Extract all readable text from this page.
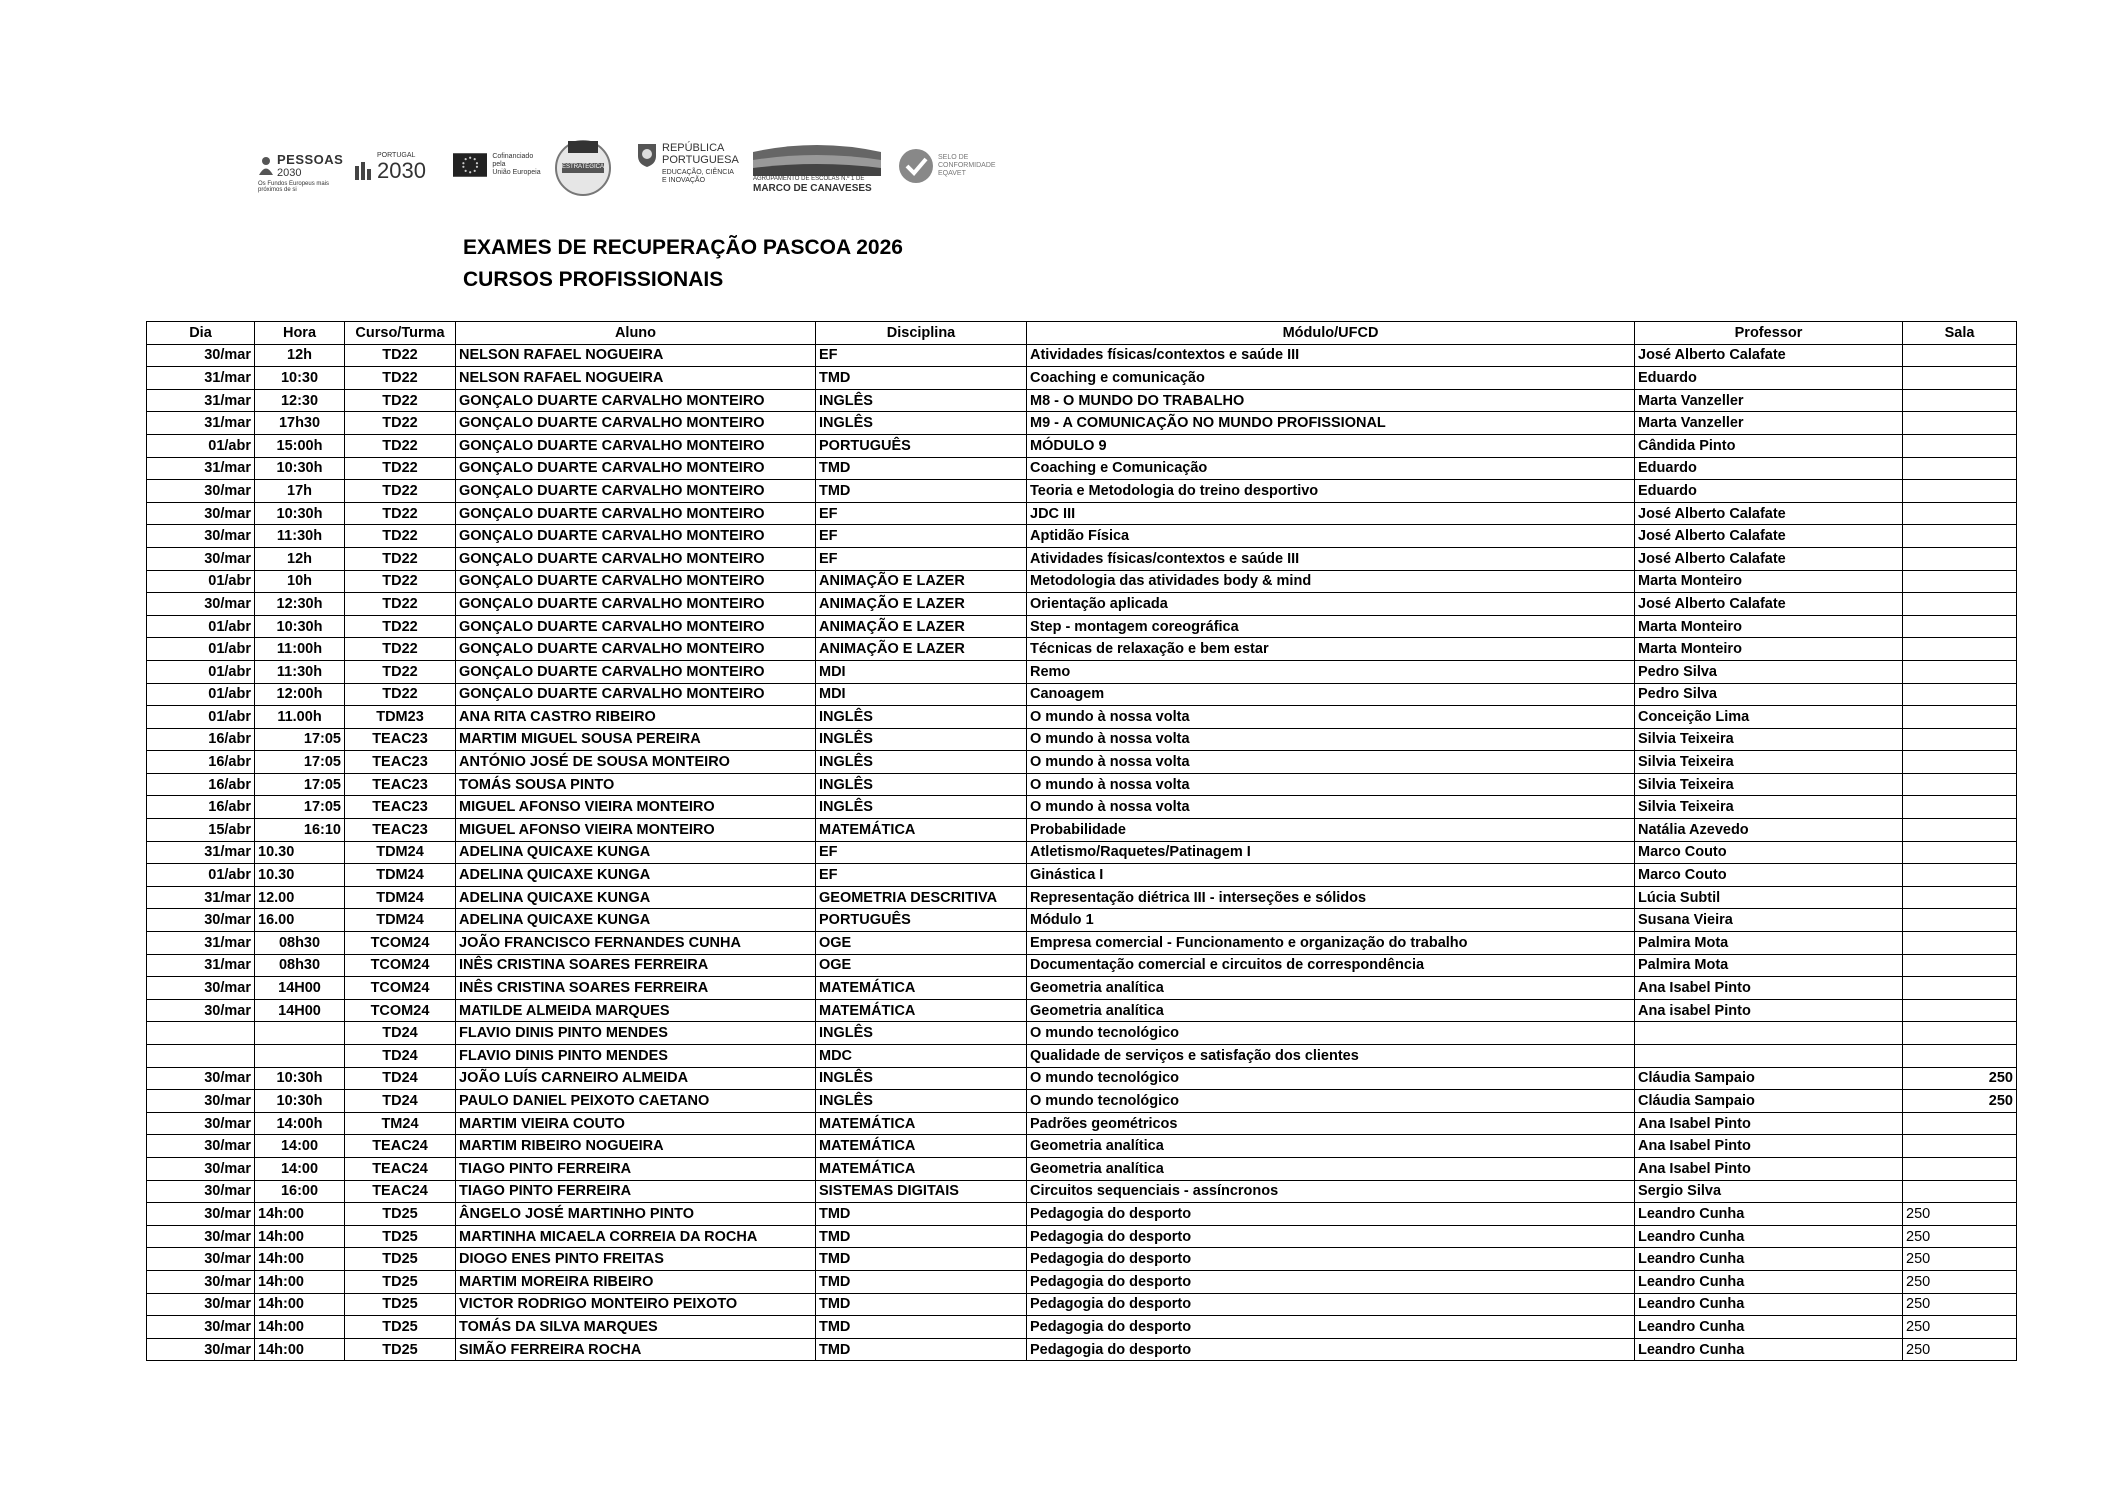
PESSOAS
2030
Os Fundos Europeus mais próximos de si
PORTUGAL
2030
Cofinanciado pela
União Europeia
ESTRATÉGICA
REPÚBLICA
PORTUGUESA
EDUCAÇÃO, CIÊNCIA
E INOVAÇÃO	AGRUPAMENTO DE ESCOLAS N.º 1 DE
MARCO DE CANAVESES
SELO DE
CONFORMIDADE
EQAVET
EXAMES DE RECUPERAÇÃO PASCOA 2026
CURSOS PROFISSIONAIS
Dia	Hora	Curso/Turma	Aluno	Disciplina	Módulo/UFCD	Professor	Sala
30/mar	12h	TD22	NELSON RAFAEL NOGUEIRA	EF	Atividades físicas/contextos e saúde III	José Alberto Calafate	
31/mar	10:30	TD22	NELSON RAFAEL NOGUEIRA	TMD	Coaching e comunicação	Eduardo	
31/mar	12:30	TD22	GONÇALO DUARTE CARVALHO MONTEIRO	INGLÊS	M8 - O MUNDO DO TRABALHO	Marta Vanzeller	
31/mar	17h30	TD22	GONÇALO DUARTE CARVALHO MONTEIRO	INGLÊS	M9 - A COMUNICAÇÃO NO MUNDO PROFISSIONAL	Marta Vanzeller	
01/abr	15:00h	TD22	GONÇALO DUARTE CARVALHO MONTEIRO	PORTUGUÊS	MÓDULO 9	Cândida Pinto	
31/mar	10:30h	TD22	GONÇALO DUARTE CARVALHO MONTEIRO	TMD	Coaching e Comunicação	Eduardo	
30/mar	17h	TD22	GONÇALO DUARTE CARVALHO MONTEIRO	TMD	Teoria e Metodologia do treino desportivo	Eduardo	
30/mar	10:30h	TD22	GONÇALO DUARTE CARVALHO MONTEIRO	EF	JDC III	José Alberto Calafate	
30/mar	11:30h	TD22	GONÇALO DUARTE CARVALHO MONTEIRO	EF	Aptidão Física	José Alberto Calafate	
30/mar	12h	TD22	GONÇALO DUARTE CARVALHO MONTEIRO	EF	Atividades físicas/contextos e saúde III	José Alberto Calafate	
01/abr	10h	TD22	GONÇALO DUARTE CARVALHO MONTEIRO	ANIMAÇÃO E LAZER	Metodologia das atividades body & mind	Marta Monteiro	
30/mar	12:30h	TD22	GONÇALO DUARTE CARVALHO MONTEIRO	ANIMAÇÃO E LAZER	Orientação aplicada	José Alberto Calafate	
01/abr	10:30h	TD22	GONÇALO DUARTE CARVALHO MONTEIRO	ANIMAÇÃO E LAZER	Step - montagem coreográfica	Marta Monteiro	
01/abr	11:00h	TD22	GONÇALO DUARTE CARVALHO MONTEIRO	ANIMAÇÃO E LAZER	Técnicas de relaxação e bem estar	Marta Monteiro	
01/abr	11:30h	TD22	GONÇALO DUARTE CARVALHO MONTEIRO	MDI	Remo	Pedro Silva	
01/abr	12:00h	TD22	GONÇALO DUARTE CARVALHO MONTEIRO	MDI	Canoagem	Pedro Silva	
01/abr	11.00h	TDM23	ANA RITA CASTRO RIBEIRO	INGLÊS	O mundo à nossa volta	Conceição Lima	
16/abr	17:05	TEAC23	MARTIM MIGUEL SOUSA PEREIRA	INGLÊS	O mundo à nossa volta	Silvia Teixeira	
16/abr	17:05	TEAC23	ANTÓNIO JOSÉ DE SOUSA MONTEIRO	INGLÊS	O mundo à nossa volta	Silvia Teixeira	
16/abr	17:05	TEAC23	TOMÁS SOUSA PINTO	INGLÊS	O mundo à nossa volta	Silvia Teixeira	
16/abr	17:05	TEAC23	MIGUEL AFONSO VIEIRA MONTEIRO	INGLÊS	O mundo à nossa volta	Silvia Teixeira	
15/abr	16:10	TEAC23	MIGUEL AFONSO VIEIRA MONTEIRO	MATEMÁTICA	Probabilidade	Natália Azevedo	
31/mar	10.30	TDM24	ADELINA QUICAXE KUNGA	EF	Atletismo/Raquetes/Patinagem I	Marco Couto	
01/abr	10.30	TDM24	ADELINA QUICAXE KUNGA	EF	Ginástica I	Marco Couto	
31/mar	12.00	TDM24	ADELINA QUICAXE KUNGA	GEOMETRIA DESCRITIVA	Representação diétrica III - interseções e sólidos	Lúcia Subtil	
30/mar	16.00	TDM24	ADELINA QUICAXE KUNGA	PORTUGUÊS	Módulo 1	Susana Vieira	
31/mar	08h30	TCOM24	JOÃO FRANCISCO FERNANDES CUNHA	OGE	Empresa comercial - Funcionamento e organização do trabalho	Palmira Mota	
31/mar	08h30	TCOM24	INÊS CRISTINA SOARES FERREIRA	OGE	Documentação comercial e circuitos de correspondência	Palmira Mota	
30/mar	14H00	TCOM24	INÊS CRISTINA SOARES FERREIRA	MATEMÁTICA	Geometria analítica	Ana Isabel Pinto	
30/mar	14H00	TCOM24	MATILDE ALMEIDA MARQUES	MATEMÁTICA	Geometria analítica	Ana isabel Pinto	
		TD24	FLAVIO DINIS PINTO MENDES	INGLÊS	O mundo tecnológico		
		TD24	FLAVIO DINIS PINTO MENDES	MDC	Qualidade de serviços e satisfação dos clientes		
30/mar	10:30h	TD24	JOÃO LUÍS CARNEIRO ALMEIDA	INGLÊS	O mundo tecnológico	Cláudia Sampaio	250
30/mar	10:30h	TD24	PAULO DANIEL PEIXOTO CAETANO	INGLÊS	O mundo tecnológico	Cláudia Sampaio	250
30/mar	14:00h	TM24	MARTIM VIEIRA COUTO	MATEMÁTICA	Padrões geométricos	Ana Isabel Pinto	
30/mar	14:00	TEAC24	MARTIM RIBEIRO NOGUEIRA	MATEMÁTICA	Geometria analítica	Ana Isabel Pinto	
30/mar	14:00	TEAC24	TIAGO PINTO FERREIRA	MATEMÁTICA	Geometria analítica	Ana Isabel Pinto	
30/mar	16:00	TEAC24	TIAGO PINTO FERREIRA	SISTEMAS DIGITAIS	Circuitos sequenciais - assíncronos	Sergio Silva	
30/mar	14h:00	TD25	ÂNGELO JOSÉ MARTINHO PINTO	TMD	Pedagogia do desporto	Leandro Cunha	250
30/mar	14h:00	TD25	MARTINHA MICAELA CORREIA DA ROCHA	TMD	Pedagogia do desporto	Leandro Cunha	250
30/mar	14h:00	TD25	DIOGO ENES PINTO FREITAS	TMD	Pedagogia do desporto	Leandro Cunha	250
30/mar	14h:00	TD25	MARTIM MOREIRA RIBEIRO	TMD	Pedagogia do desporto	Leandro Cunha	250
30/mar	14h:00	TD25	VICTOR RODRIGO MONTEIRO PEIXOTO	TMD	Pedagogia do desporto	Leandro Cunha	250
30/mar	14h:00	TD25	TOMÁS DA SILVA MARQUES	TMD	Pedagogia do desporto	Leandro Cunha	250
30/mar	14h:00	TD25	SIMÃO FERREIRA ROCHA	TMD	Pedagogia do desporto	Leandro Cunha	250
